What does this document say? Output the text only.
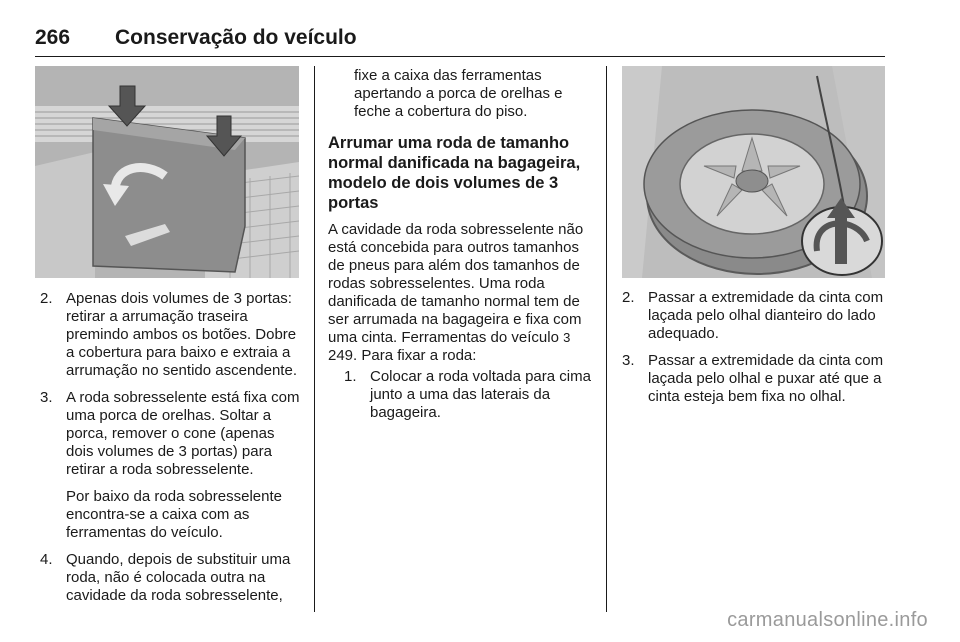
266 Conservação do veículo
2. Apenas dois volumes de 3 portas: retirar a arrumação traseira premindo ambos os botões. Dobre a cobertura para baixo e extraia a arrumação no sentido ascendente.

3. A roda sobresselente está fixa com uma porca de orelhas. Soltar a porca, remover o cone (apenas dois volumes de 3 portas) para retirar a roda sobresselente.

Por baixo da roda sobresselente encontra-se a caixa com as ferramentas do veículo.

4. Quando, depois de substituir uma roda, não é colocada outra na cavidade da roda sobresselente,

fixe a caixa das ferramentas apertando a porca de orelhas e feche a cobertura do piso.
Arrumar uma roda de tamanho normal danificada na bagageira, modelo de dois volumes de 3 portas

A cavidade da roda sobresselente não está concebida para outros tamanhos de pneus para além dos tamanhos de rodas sobresselentes. Uma roda danificada de tamanho normal tem de ser arrumada na bagageira e fixa com uma cinta. Ferramentas do veículo 3 249. Para fixar a roda:

1. Colocar a roda voltada para cima junto a uma das laterais da bagageira.

2. Passar a extremidade da cinta com laçada pelo olhal dianteiro do lado adequado.

3. Passar a extremidade da cinta com laçada pelo olhal e puxar até que a cinta esteja bem fixa no olhal.

carmanualsonline.info
